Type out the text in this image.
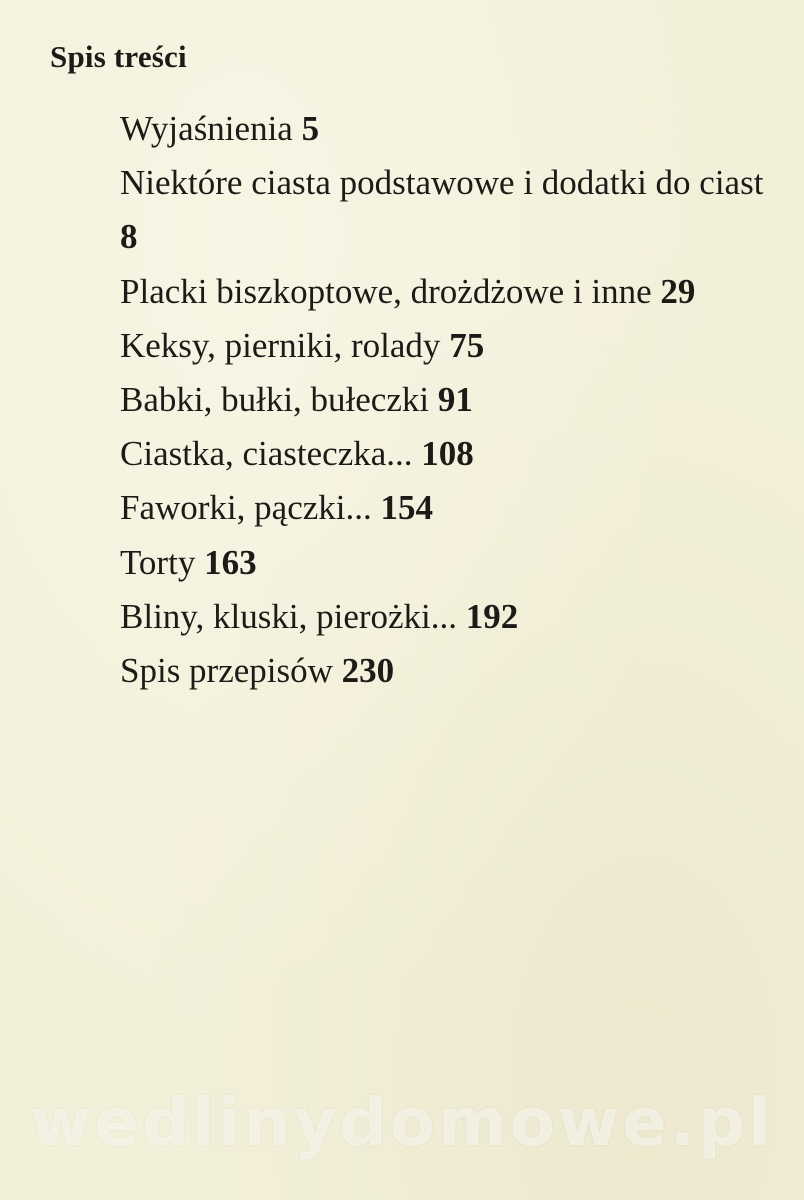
Spis treści
Wyjaśnienia 5
Niektóre ciasta podstawowe i dodatki do ciast 8
Placki biszkoptowe, drożdżowe i inne 29
Keksy, pierniki, rolady 75
Babki, bułki, bułeczki 91
Ciastka, ciasteczka... 108
Faworki, pączki... 154
Torty 163
Bliny, kluski, pierożki... 192
Spis przepisów 230
wedlinydomowe.pl
